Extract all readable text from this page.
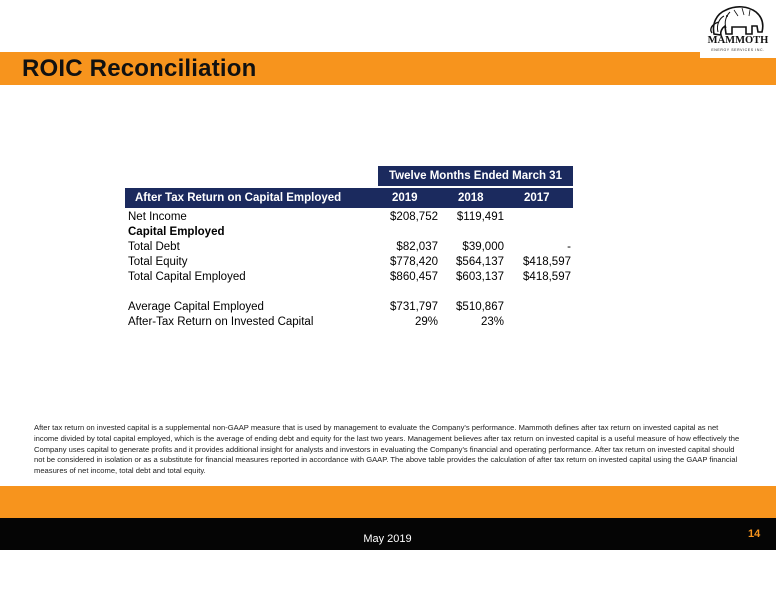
ROIC Reconciliation
MAMMOTH
ENERGY SERVICES INC.
Twelve Months Ended March 31
After Tax Return on Capital Employed	2019	2018	2017
Net Income	$208,752 $119,491
Capital Employed
Total Debt	$82,037 $39,000	-
Total Equity	$778,420 $564,137 $418,597
Total Capital Employed	$860,457 $603,137 $418,597
Average Capital Employed	$731,797 $510,867
After-Tax Return on Invested Capital	29%	23%
After tax return on invested capital is a supplemental non-GAAP measure that is used by management to evaluate the Company's performance. Mammoth defines after tax return on invested capital as net income divided by total capital employed, which is the average of ending debt and equity for the last two years. Management believes after tax return on invested capital is a useful measure of how effectively the Company uses capital to generate profits and it provides additional insight for analysts and investors in evaluating the Company's financial and operating performance. After tax return on invested capital should not be considered in isolation or as a substitute for financial measures reported in accordance with GAAP. The above table provides the calculation of after tax return on invested capital using the GAAP financial measures of net income, total debt and total equity.
May 2019	14
